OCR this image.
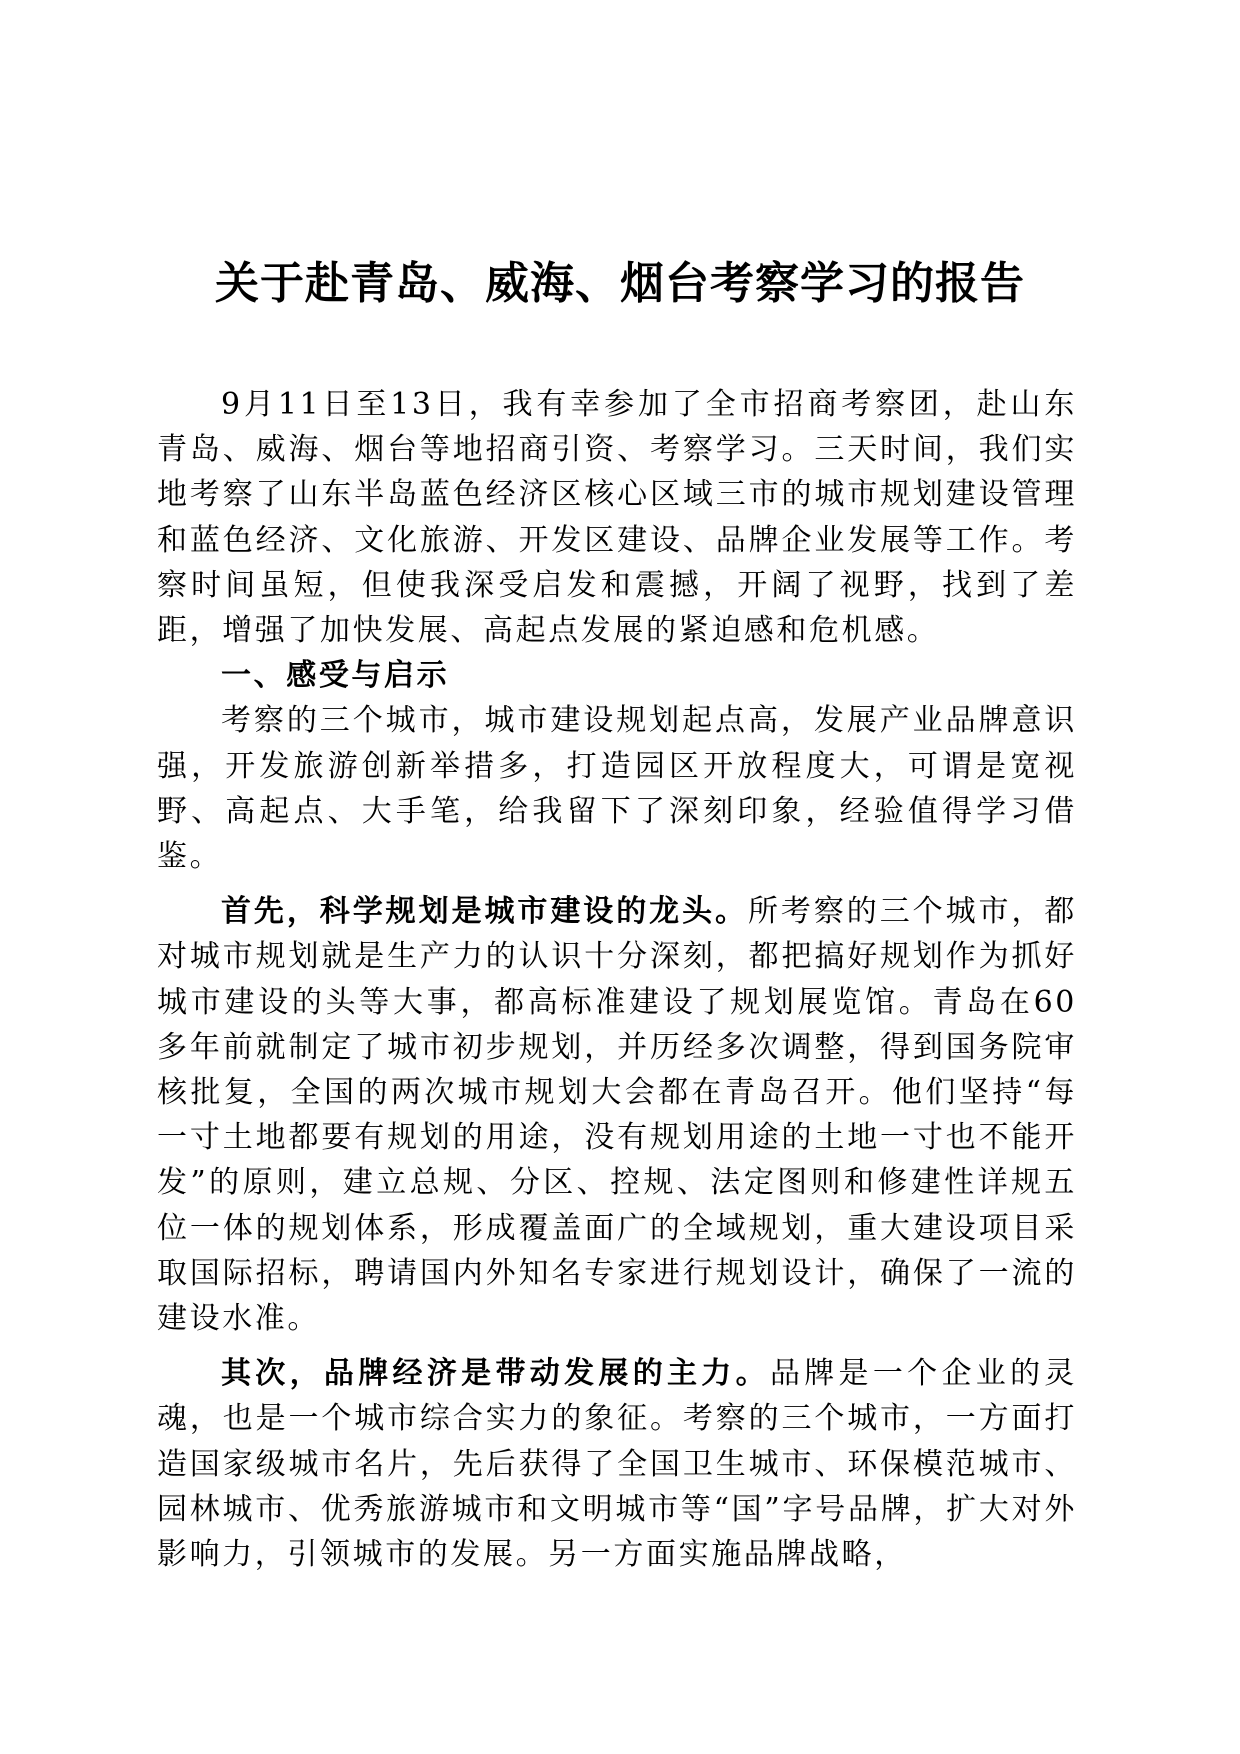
关于赴青岛、威海、烟台考察学习的报告

9月11日至13日，我有幸参加了全市招商考察团，赴山东青岛、威海、烟台等地招商引资、考察学习。三天时间，我们实地考察了山东半岛蓝色经济区核心区域三市的城市规划建设管理和蓝色经济、文化旅游、开发区建设、品牌企业发展等工作。考察时间虽短，但使我深受启发和震撼，开阔了视野，找到了差距，增强了加快发展、高起点发展的紧迫感和危机感。

一、感受与启示

考察的三个城市，城市建设规划起点高，发展产业品牌意识强，开发旅游创新举措多，打造园区开放程度大，可谓是宽视野、高起点、大手笔，给我留下了深刻印象，经验值得学习借鉴。

首先，科学规划是城市建设的龙头。所考察的三个城市，都对城市规划就是生产力的认识十分深刻，都把搞好规划作为抓好城市建设的头等大事，都高标准建设了规划展览馆。青岛在60多年前就制定了城市初步规划，并历经多次调整，得到国务院审核批复，全国的两次城市规划大会都在青岛召开。他们坚持“每一寸土地都要有规划的用途，没有规划用途的土地一寸也不能开发”的原则，建立总规、分区、控规、法定图则和修建性详规五位一体的规划体系，形成覆盖面广的全域规划，重大建设项目采取国际招标，聘请国内外知名专家进行规划设计，确保了一流的建设水准。

其次，品牌经济是带动发展的主力。品牌是一个企业的灵魂，也是一个城市综合实力的象征。考察的三个城市，一方面打造国家级城市名片，先后获得了全国卫生城市、环保模范城市、园林城市、优秀旅游城市和文明城市等“国”字号品牌，扩大对外影响力，引领城市的发展。另一方面实施品牌战略，
